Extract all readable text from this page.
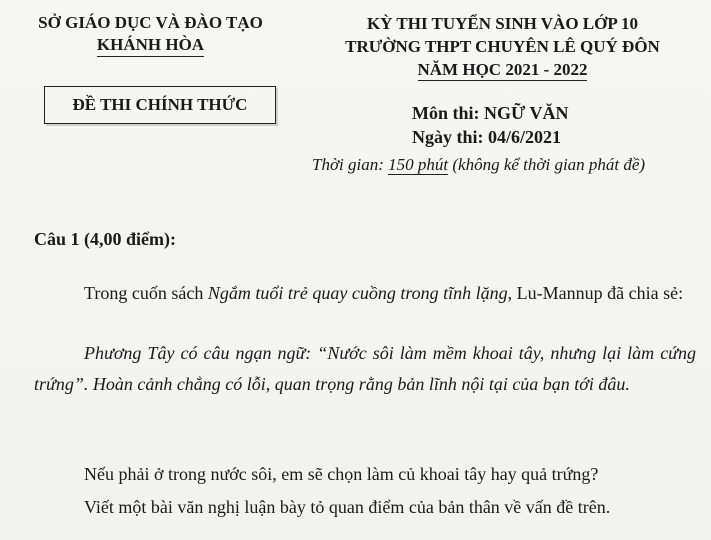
SỞ GIÁO DỤC VÀ ĐÀO TẠO
KHÁNH HÒA
KỲ THI TUYỂN SINH VÀO LỚP 10
TRƯỜNG THPT CHUYÊN LÊ QUÝ ĐÔN
NĂM HỌC 2021 - 2022
ĐỀ THI CHÍNH THỨC	Môn thi: NGỮ VĂN
Ngày thi: 04/6/2021
Thời gian: 150 phút (không kể thời gian phát đề)
Câu 1 (4,00 điểm):
Trong cuốn sách Ngắm tuổi trẻ quay cuồng trong tĩnh lặng, Lu-Mannup đã chia sẻ:
Phương Tây có câu ngạn ngữ: “Nước sôi làm mềm khoai tây, nhưng lại làm cứng trứng”. Hoàn cảnh chẳng có lỗi, quan trọng rằng bản lĩnh nội tại của bạn tới đâu.
Nếu phải ở trong nước sôi, em sẽ chọn làm củ khoai tây hay quả trứng?
Viết một bài văn nghị luận bày tỏ quan điểm của bản thân về vấn đề trên.
